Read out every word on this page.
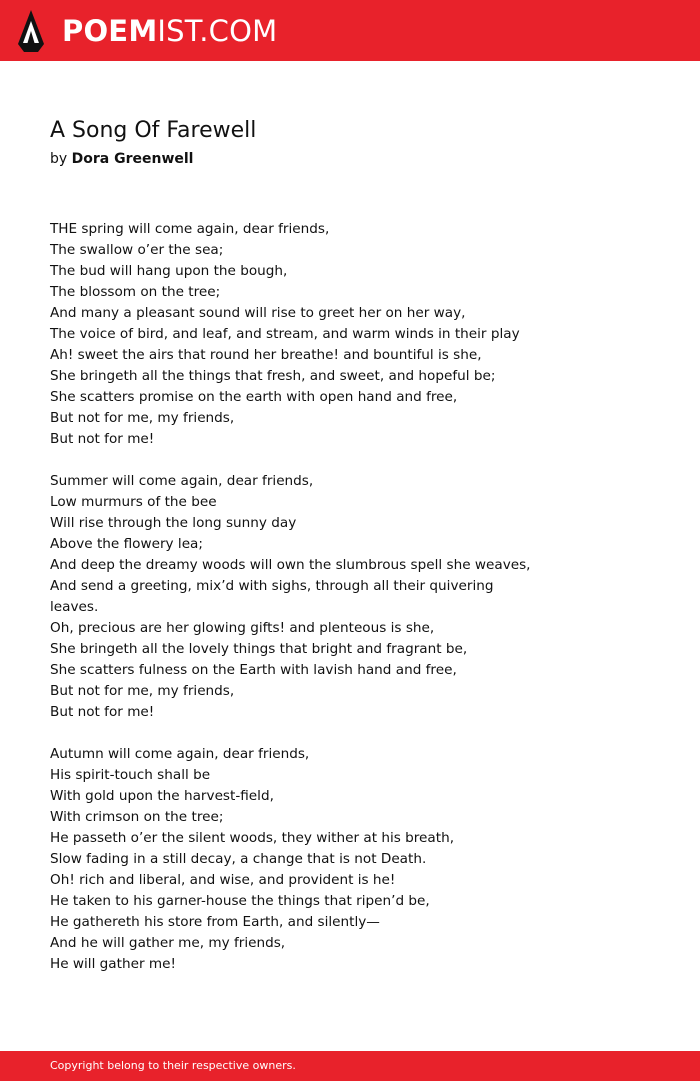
POEMIST.COM
A Song Of Farewell
by Dora Greenwell
THE spring will come again, dear friends,
The swallow o’er the sea;
The bud will hang upon the bough,
The blossom on the tree;
And many a pleasant sound will rise to greet her on her way,
The voice of bird, and leaf, and stream, and warm winds in their play
Ah! sweet the airs that round her breathe! and bountiful is she,
She bringeth all the things that fresh, and sweet, and hopeful be;
She scatters promise on the earth with open hand and free,
But not for me, my friends,
But not for me!
Summer will come again, dear friends,
Low murmurs of the bee
Will rise through the long sunny day
Above the flowery lea;
And deep the dreamy woods will own the slumbrous spell she weaves,
And send a greeting, mix’d with sighs, through all their quivering
leaves.
Oh, precious are her glowing gifts! and plenteous is she,
She bringeth all the lovely things that bright and fragrant be,
She scatters fulness on the Earth with lavish hand and free,
But not for me, my friends,
But not for me!
Autumn will come again, dear friends,
His spirit-touch shall be
With gold upon the harvest-field,
With crimson on the tree;
He passeth o’er the silent woods, they wither at his breath,
Slow fading in a still decay, a change that is not Death.
Oh! rich and liberal, and wise, and provident is he!
He taken to his garner-house the things that ripen’d be,
He gathereth his store from Earth, and silently—
And he will gather me, my friends,
He will gather me!
Copyright belong to their respective owners.
